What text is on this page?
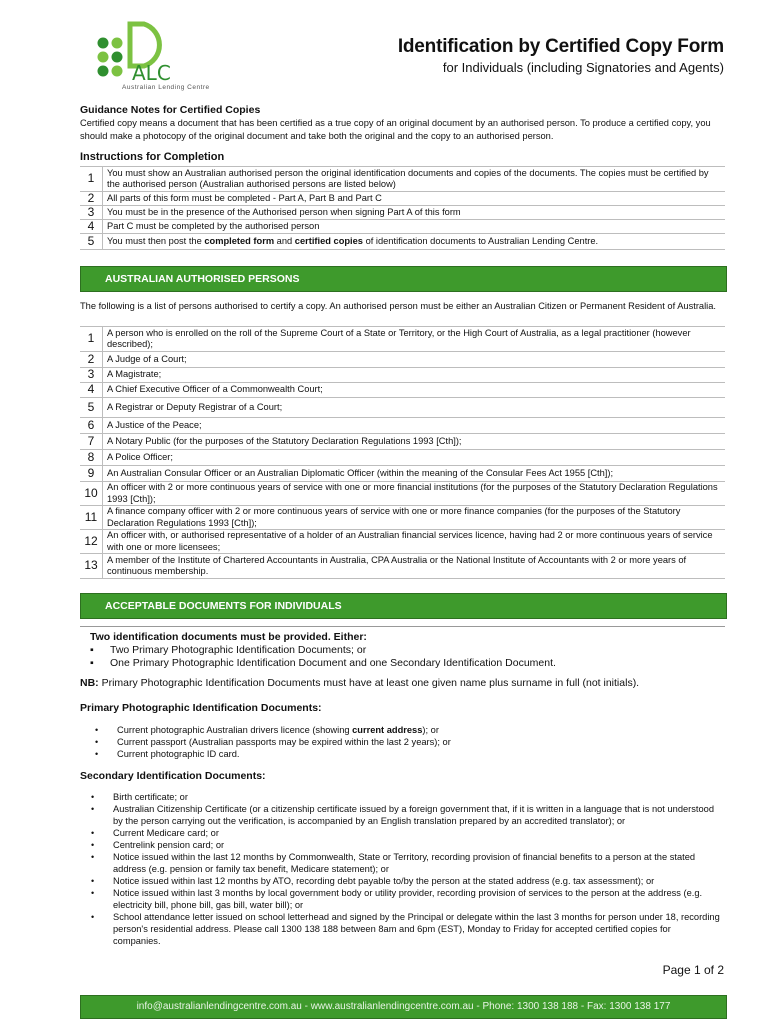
ALC
Australian Lending Centre
Identification by Certified Copy Form
for Individuals (including Signatories and Agents)
Guidance Notes for Certified Copies
Certified copy means a document that has been certified as a true copy of an original document by an authorised person. To produce a certified copy, you should make a photocopy of the original document and take both the original and the copy to an authorised person.
Instructions for Completion
1	You must show an Australian authorised person the original identification documents and copies of the documents. The copies must be certified by the authorised person (Australian authorised persons are listed below)
2	All parts of this form must be completed - Part A, Part B and Part C
3	You must be in the presence of the Authorised person when signing Part A of this form
4	Part C must be completed by the authorised person
5	You must then post the completed form and certified copies of identification documents to Australian Lending Centre.
AUSTRALIAN AUTHORISED PERSONS
The following is a list of persons authorised to certify a copy. An authorised person must be either an Australian Citizen or Permanent Resident of Australia.
1	A person who is enrolled on the roll of the Supreme Court of a State or Territory, or the High Court of Australia, as a legal practitioner (however described);
2	A Judge of a Court;
3	A Magistrate;
4	A Chief Executive Officer of a Commonwealth Court;
5	A Registrar or Deputy Registrar of a Court;
6	A Justice of the Peace;
7	A Notary Public (for the purposes of the Statutory Declaration Regulations 1993 [Cth]);
8	A Police Officer;
9	An Australian Consular Officer or an Australian Diplomatic Officer (within the meaning of the Consular Fees Act 1955 [Cth]);
10	An officer with 2 or more continuous years of service with one or more financial institutions (for the purposes of the Statutory Declaration Regulations 1993 [Cth]);
11	A finance company officer with 2 or more continuous years of service with one or more finance companies (for the purposes of the Statutory Declaration Regulations 1993 [Cth]);
12	An officer with, or authorised representative of a holder of an Australian financial services licence, having had 2 or more continuous years of service with one or more licensees;
13	A member of the Institute of Chartered Accountants in Australia, CPA Australia or the National Institute of Accountants with 2 or more years of continuous membership.
ACCEPTABLE DOCUMENTS FOR INDIVIDUALS
Two identification documents must be provided. Either:
▪ Two Primary Photographic Identification Documents; or
▪ One Primary Photographic Identification Document and one Secondary Identification Document.
NB: Primary Photographic Identification Documents must have at least one given name plus surname in full (not initials).
Primary Photographic Identification Documents:
• Current photographic Australian drivers licence (showing current address); or
• Current passport (Australian passports may be expired within the last 2 years); or
• Current photographic ID card.
Secondary Identification Documents:
• Birth certificate; or
• Australian Citizenship Certificate (or a citizenship certificate issued by a foreign government that, if it is written in a language that is not understood by the person carrying out the verification, is accompanied by an English translation prepared by an accredited translator); or
• Current Medicare card; or
• Centrelink pension card; or
• Notice issued within the last 12 months by Commonwealth, State or Territory, recording provision of financial benefits to a person at the stated address (e.g. pension or family tax benefit, Medicare statement); or
• Notice issued within last 12 months by ATO, recording debt payable to/by the person at the stated address (e.g. tax assessment); or
• Notice issued within last 3 months by local government body or utility provider, recording provision of services to the person at the address (e.g. electricity bill, phone bill, gas bill, water bill); or
• School attendance letter issued on school letterhead and signed by the Principal or delegate within the last 3 months for person under 18, recording person's residential address. Please call 1300 138 188 between 8am and 6pm (EST), Monday to Friday for accepted certified copies for companies.
Page 1 of 2
info@australianlendingcentre.com.au - www.australianlendingcentre.com.au - Phone: 1300 138 188 - Fax: 1300 138 177
